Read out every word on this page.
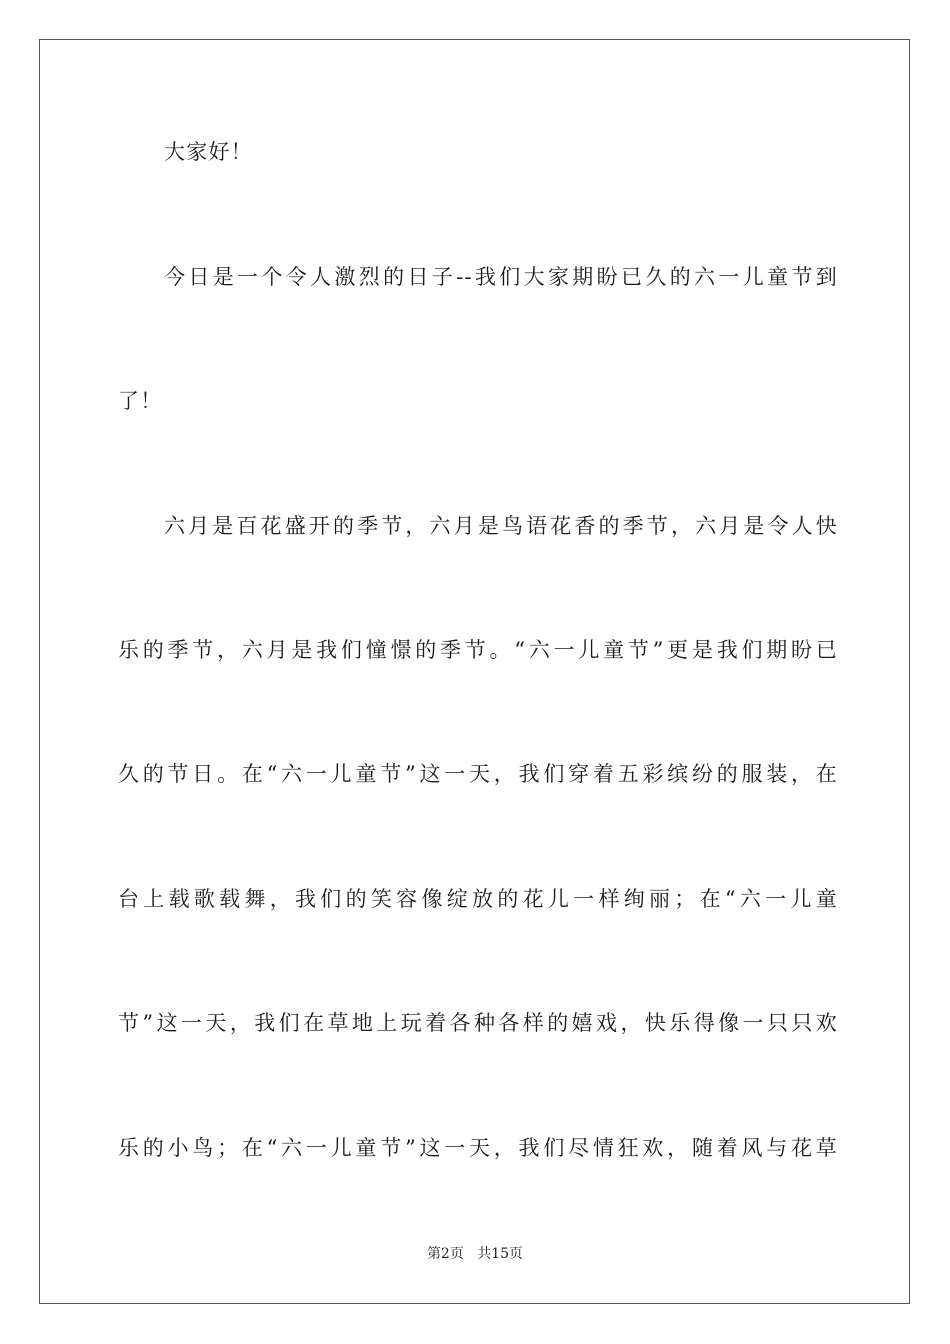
大家好！
今日是一个令人激烈的日子--我们大家期盼已久的六一儿童节到
了！
六月是百花盛开的季节，六月是鸟语花香的季节，六月是令人快
乐的季节，六月是我们憧憬的季节。“六一儿童节”更是我们期盼已
久的节日。在“六一儿童节”这一天，我们穿着五彩缤纷的服装，在
台上载歌载舞，我们的笑容像绽放的花儿一样绚丽；在“六一儿童
节”这一天，我们在草地上玩着各种各样的嬉戏，快乐得像一只只欢
乐的小鸟；在“六一儿童节”这一天，我们尽情狂欢，随着风与花草
第2页 共15页
